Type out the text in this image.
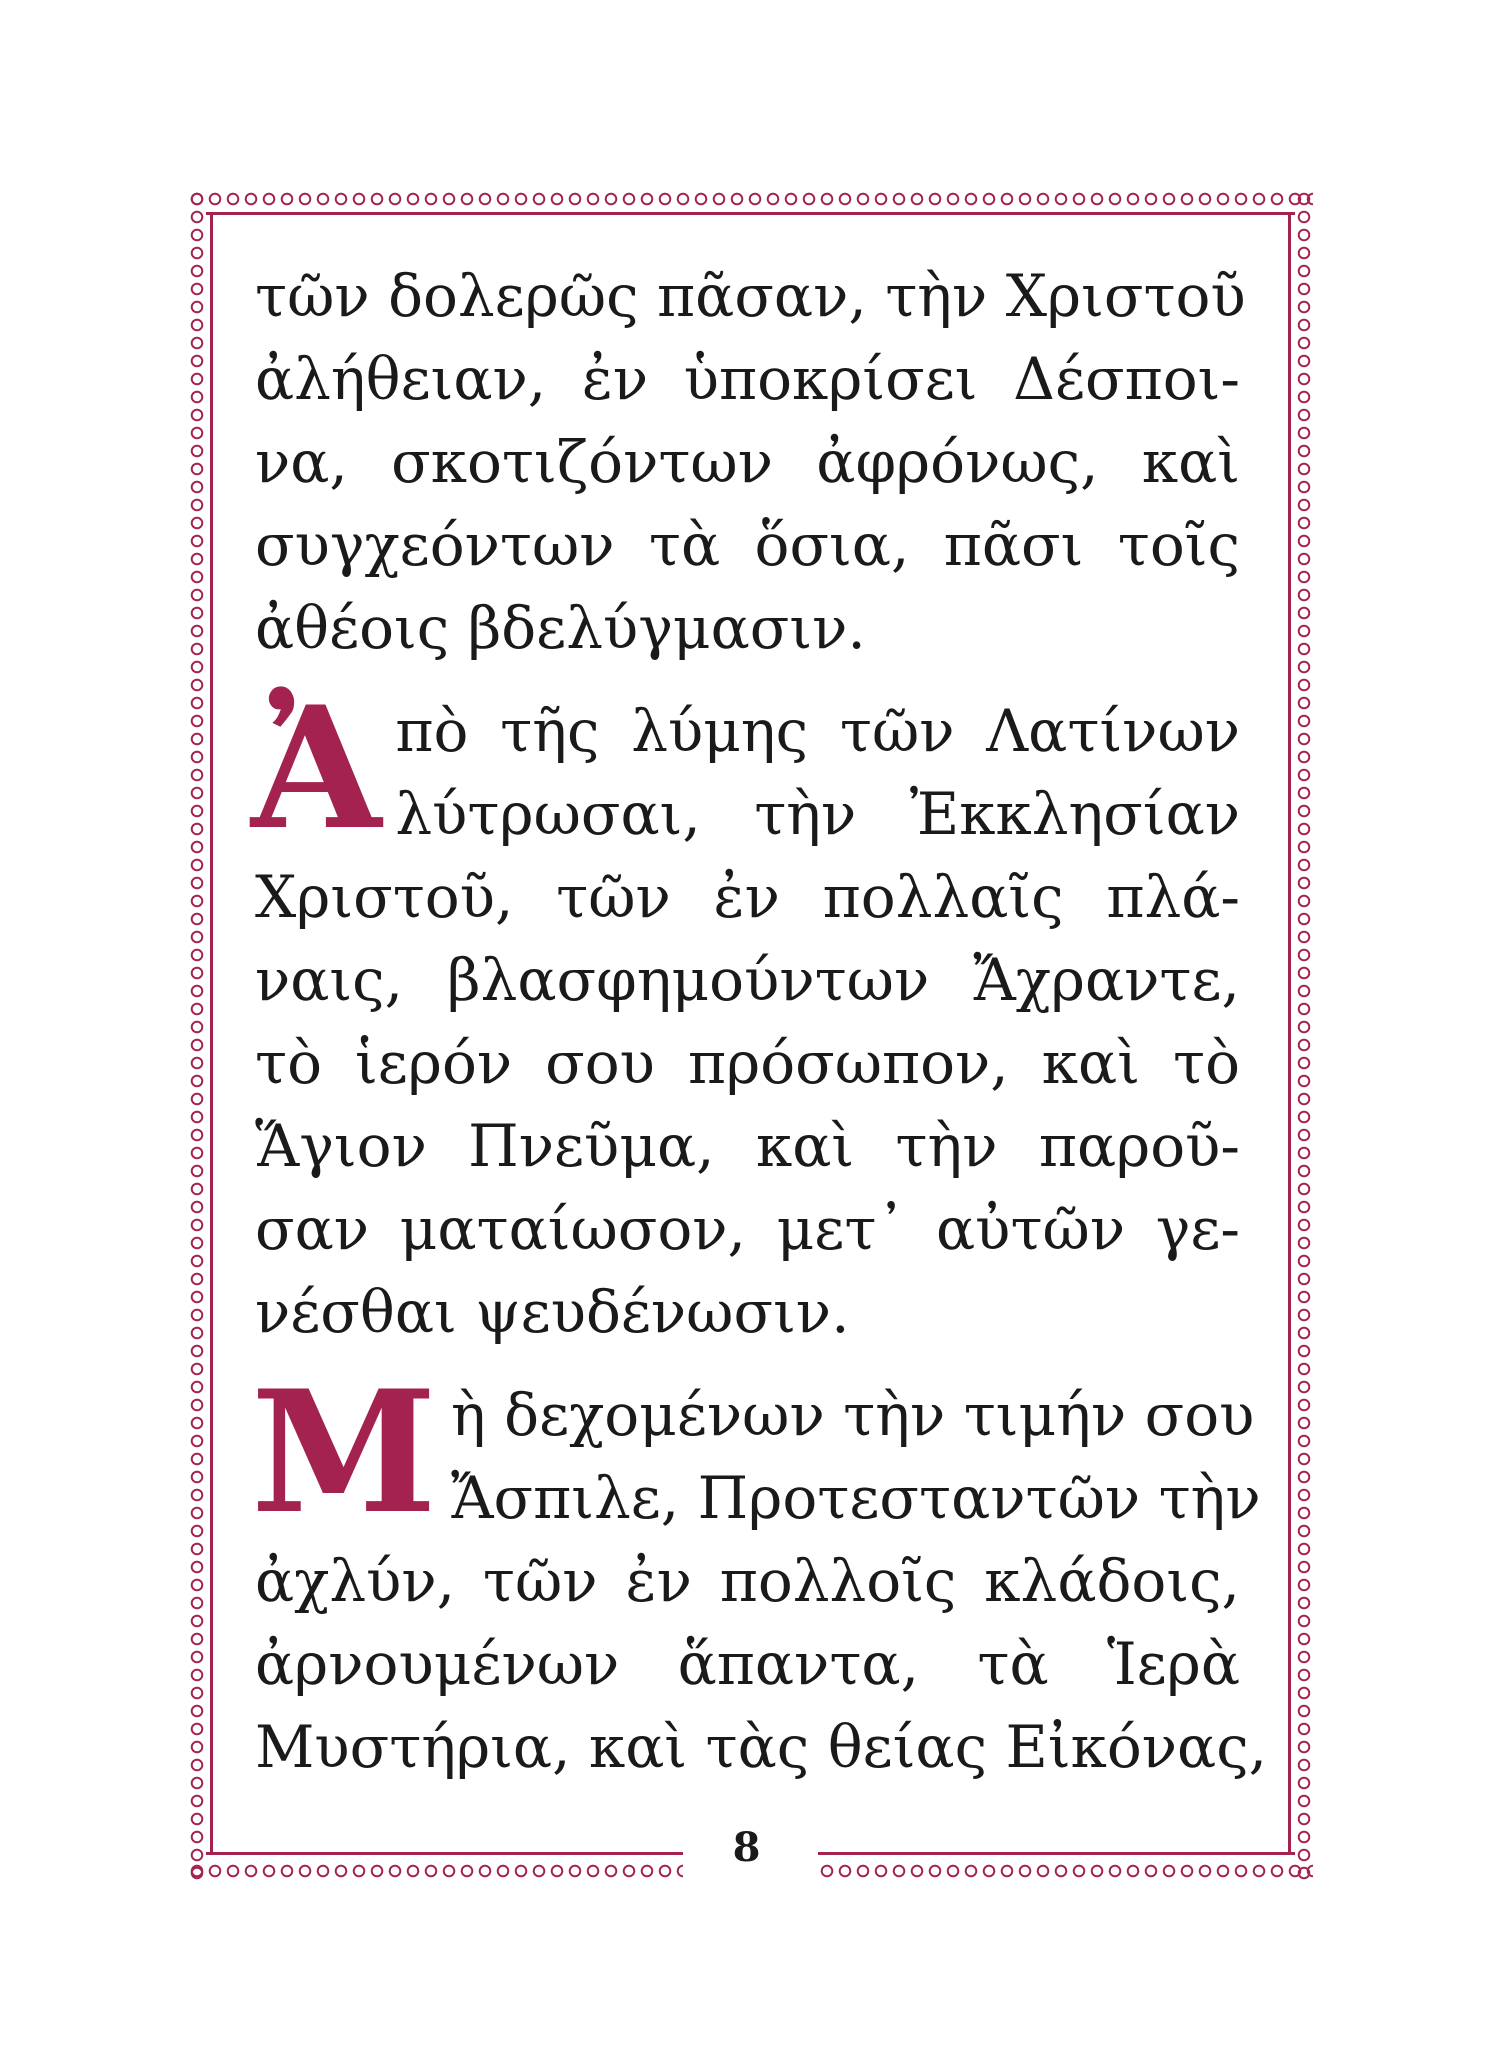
τῶν δολερῶς πᾶσαν, τὴν Χριστοῦ
ἀλήθειαν, ἐν ὑποκρίσει Δέσποι-
να, σκοτιζόντων ἀφρόνως, καὶ
συγχεόντων τὰ ὅσια, πᾶσι τοῖς
ἀθέοις βδελύγμασιν.
Ἀ πὸ τῆς λύμης τῶν Λατίνων
λύτρωσαι, τὴν Ἐκκλησίαν
Χριστοῦ, τῶν ἐν πολλαῖς πλά-
ναις, βλασφημούντων Ἄχραντε,
τὸ ἱερόν σου πρόσωπον, καὶ τὸ
Ἅγιον Πνεῦμα, καὶ τὴν παροῦ-
σαν ματαίωσον, μετ᾽ αὐτῶν γε-
νέσθαι ψευδένωσιν.
Μ ὴ δεχομένων τὴν τιμήν σου
Ἄσπιλε, Προτεσταντῶν τὴν
ἀχλύν, τῶν ἐν πολλοῖς κλάδοις,
ἀρνουμένων ἅπαντα, τὰ Ἱερὰ
Μυστήρια, καὶ τὰς θείας Εἰκόνας,
8
